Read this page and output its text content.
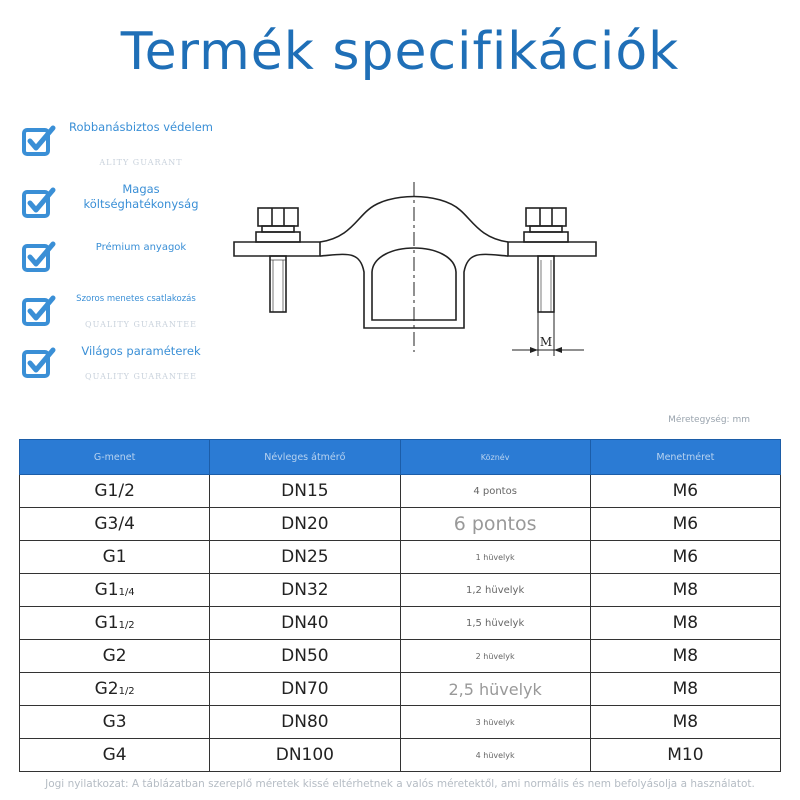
Termék specifikációk
Robbanásbiztos védelem
ALITY GUARANT
Magas költséghatékonyság
Prémium anyagok
Szoros menetes csatlakozás
QUALITY GUARANTEE
Világos paraméterek
QUALITY GUARANTEE
M
Méretegység: mm
G-menet	Névleges átmérő	Köznév	Menetméret
G1/2	DN15	4 pontos	M6
G3/4	DN20	6 pontos	M6
G1	DN25	1 hüvelyk	M6
G11/4	DN32	1,2 hüvelyk	M8
G11/2	DN40	1,5 hüvelyk	M8
G2	DN50	2 hüvelyk	M8
G21/2	DN70	2,5 hüvelyk	M8
G3	DN80	3 hüvelyk	M8
G4	DN100	4 hüvelyk	M10
Jogi nyilatkozat: A táblázatban szereplő méretek kissé eltérhetnek a valós méretektől, ami normális és nem befolyásolja a használatot.
